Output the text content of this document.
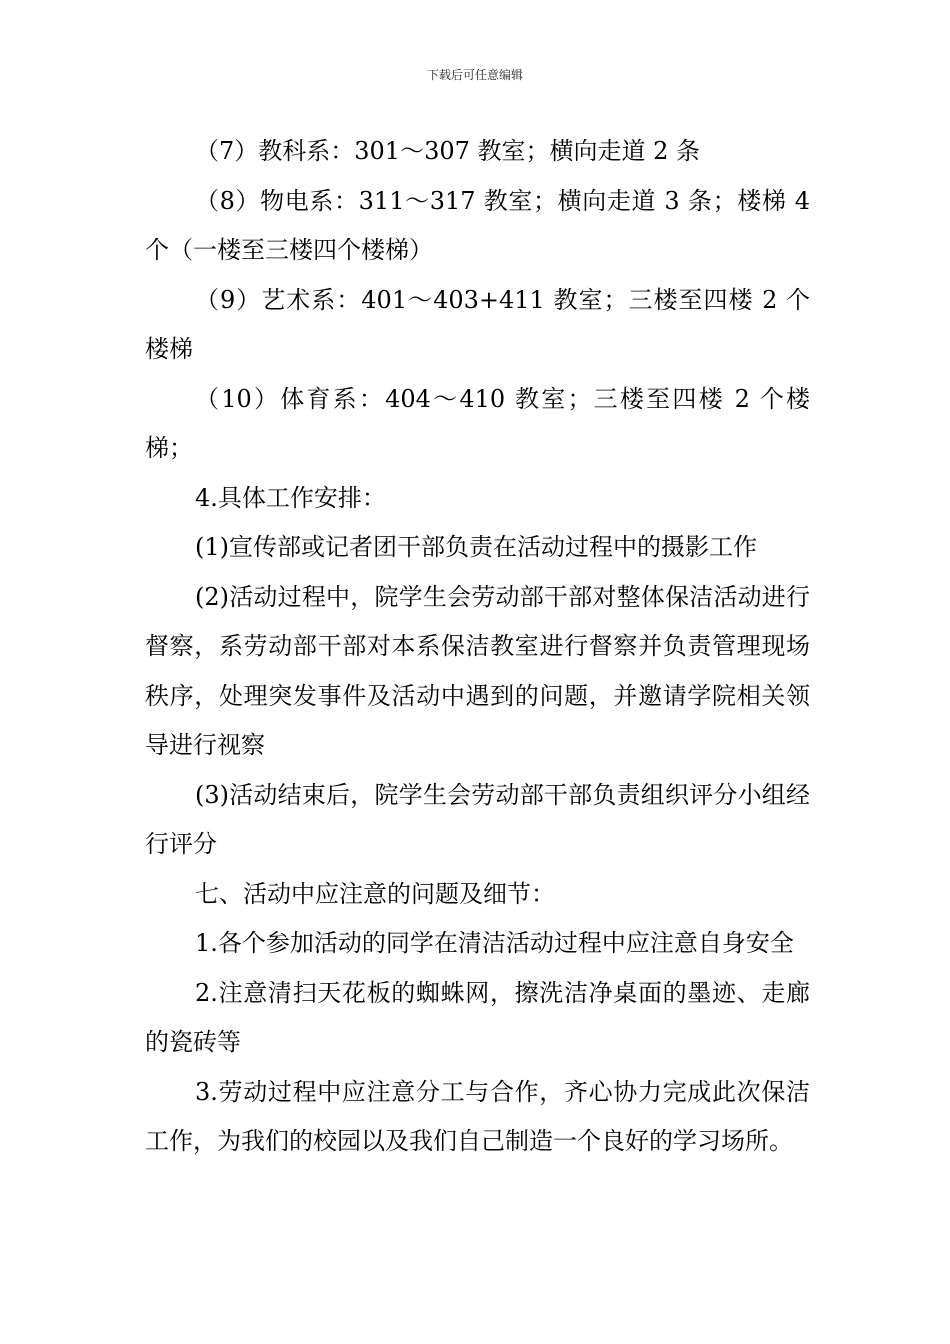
下载后可任意编辑

（7）教科系：301～307 教室；横向走道 2 条

（8）物电系：311～317 教室；横向走道 3 条；楼梯 4 个（一楼至三楼四个楼梯）

（9）艺术系：401～403+411 教室；三楼至四楼 2 个楼梯

（10）体育系：404～410 教室；三楼至四楼 2 个楼梯；

4.具体工作安排：

(1)宣传部或记者团干部负责在活动过程中的摄影工作

(2)活动过程中，院学生会劳动部干部对整体保洁活动进行督察，系劳动部干部对本系保洁教室进行督察并负责管理现场秩序，处理突发事件及活动中遇到的问题，并邀请学院相关领导进行视察

(3)活动结束后，院学生会劳动部干部负责组织评分小组经行评分

七、活动中应注意的问题及细节：

1.各个参加活动的同学在清洁活动过程中应注意自身安全

2.注意清扫天花板的蜘蛛网，擦洗洁净桌面的墨迹、走廊的瓷砖等

3.劳动过程中应注意分工与合作，齐心协力完成此次保洁工作，为我们的校园以及我们自己制造一个良好的学习场所。
